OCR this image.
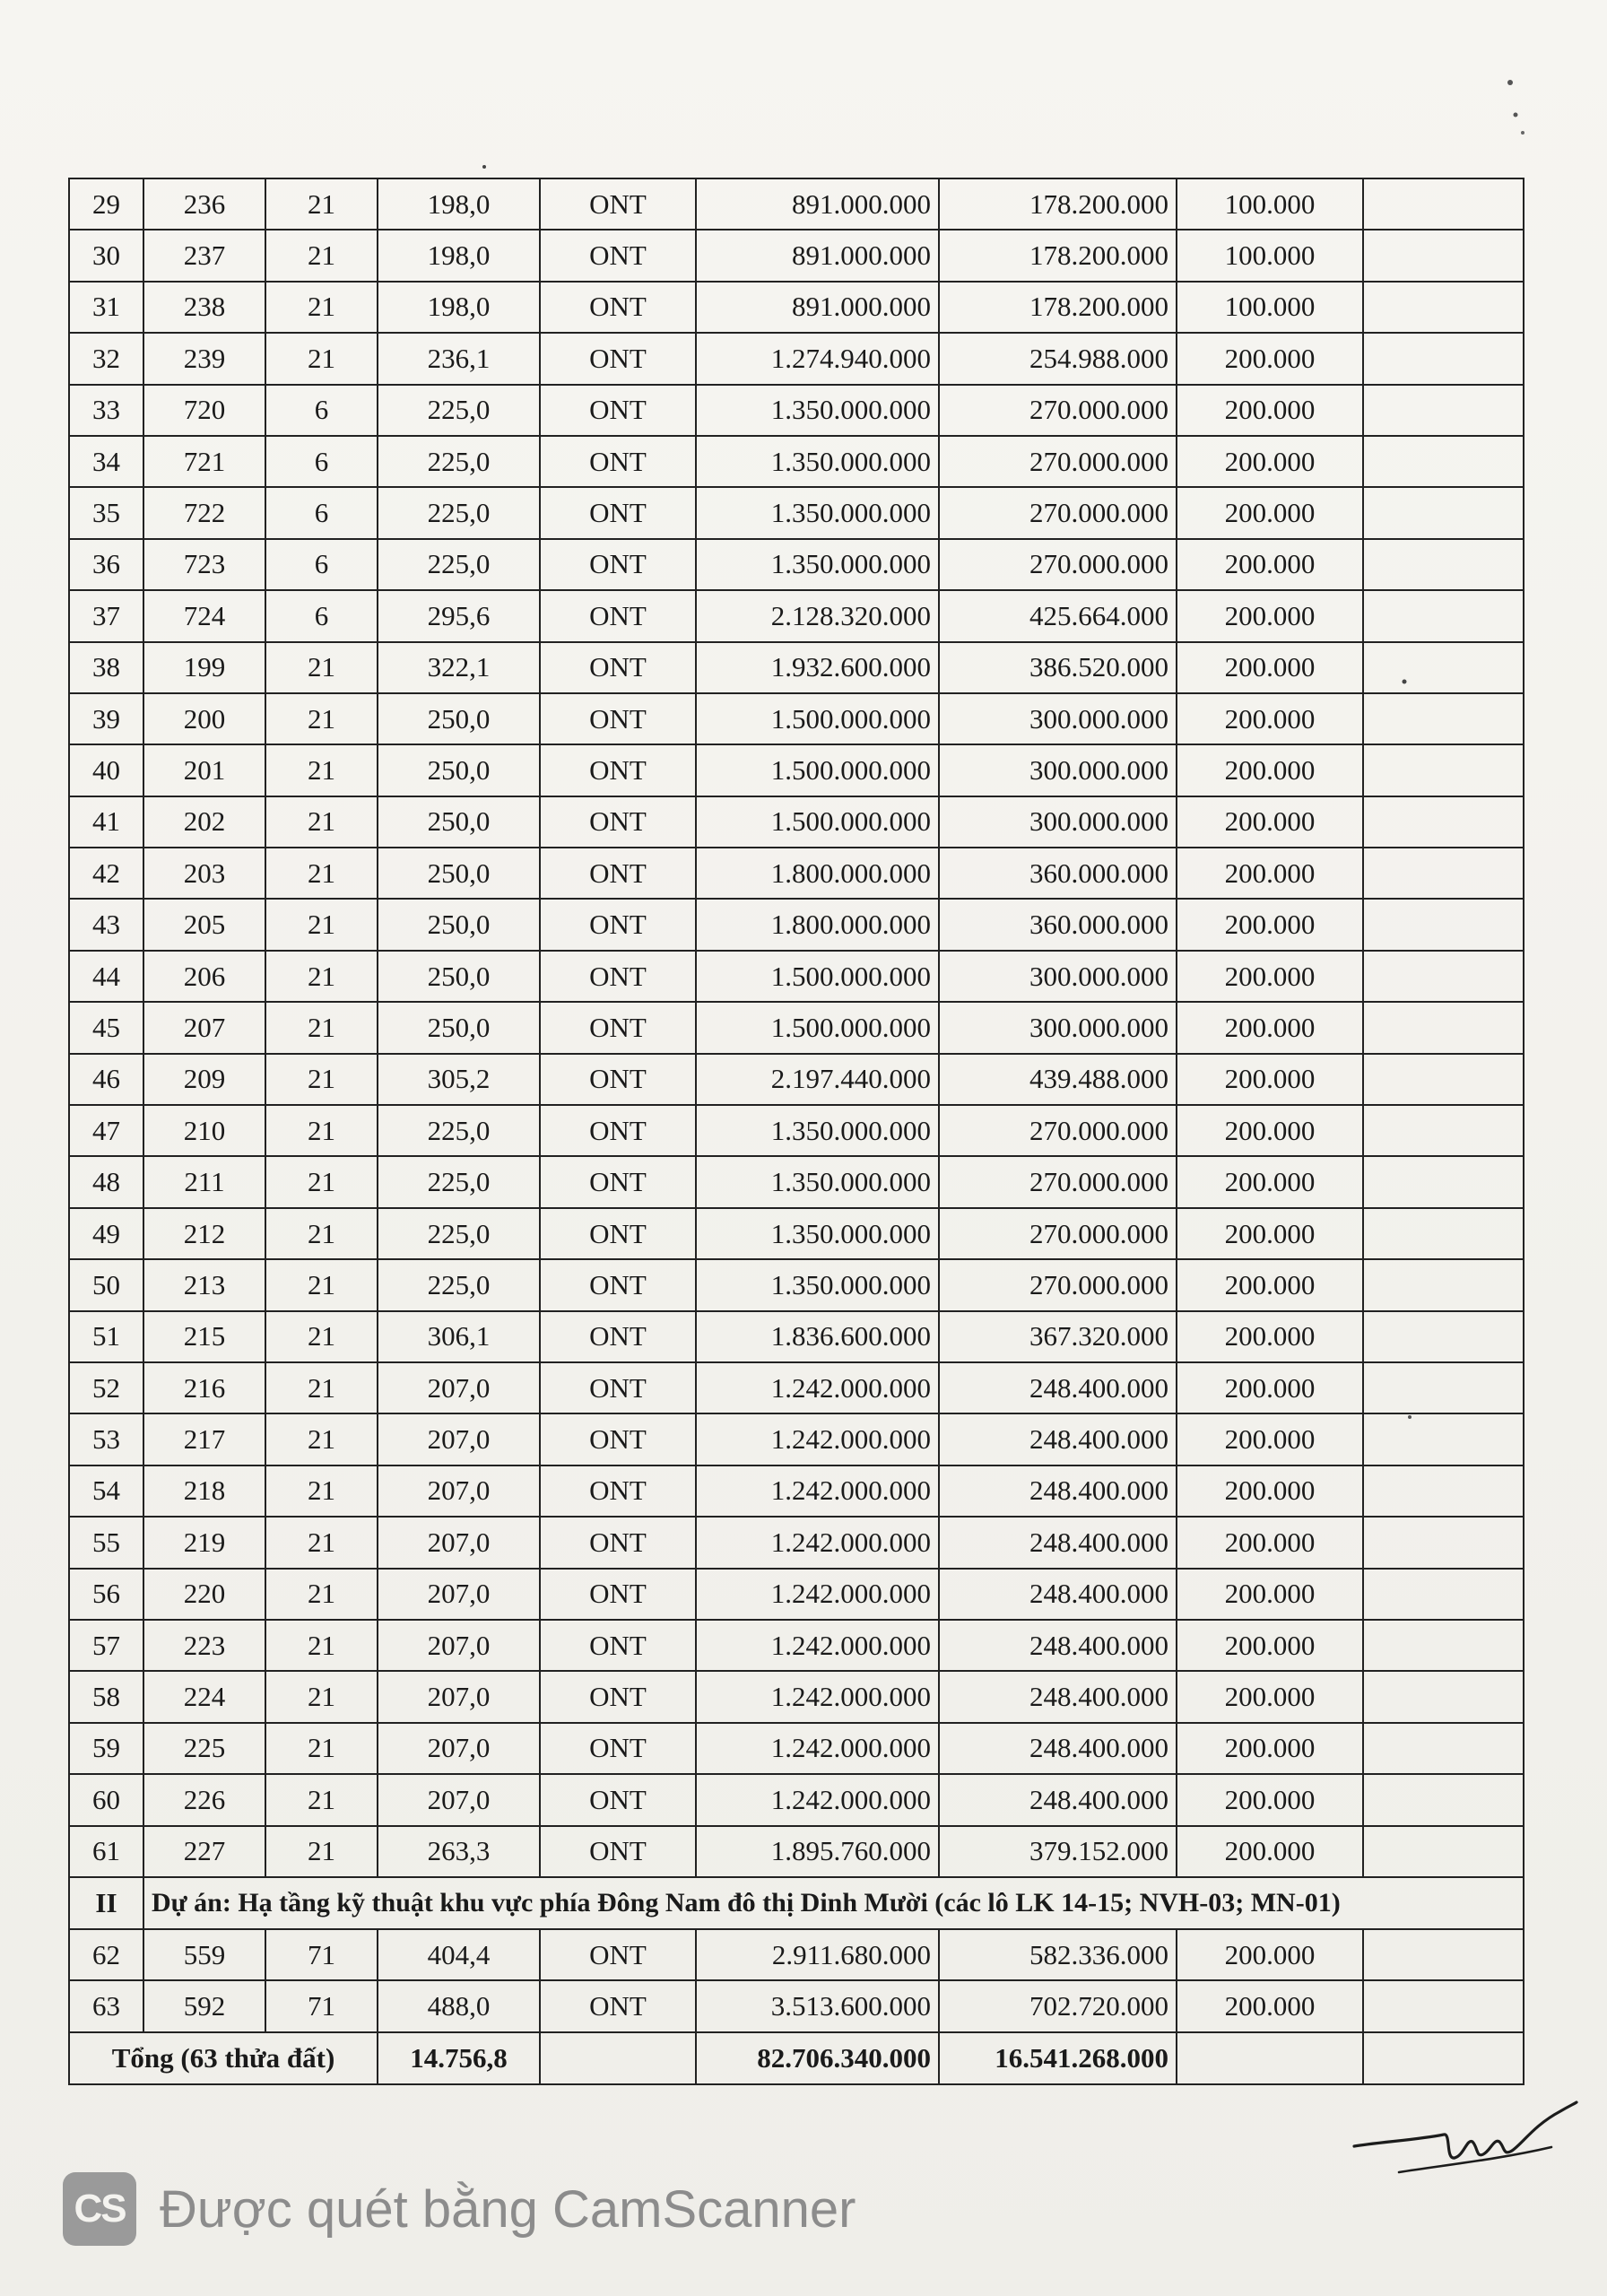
29	236	21	198,0	ONT	891.000.000	178.200.000	100.000	
30	237	21	198,0	ONT	891.000.000	178.200.000	100.000	
31	238	21	198,0	ONT	891.000.000	178.200.000	100.000	
32	239	21	236,1	ONT	1.274.940.000	254.988.000	200.000	
33	720	6	225,0	ONT	1.350.000.000	270.000.000	200.000	
34	721	6	225,0	ONT	1.350.000.000	270.000.000	200.000	
35	722	6	225,0	ONT	1.350.000.000	270.000.000	200.000	
36	723	6	225,0	ONT	1.350.000.000	270.000.000	200.000	
37	724	6	295,6	ONT	2.128.320.000	425.664.000	200.000	
38	199	21	322,1	ONT	1.932.600.000	386.520.000	200.000	
39	200	21	250,0	ONT	1.500.000.000	300.000.000	200.000	
40	201	21	250,0	ONT	1.500.000.000	300.000.000	200.000	
41	202	21	250,0	ONT	1.500.000.000	300.000.000	200.000	
42	203	21	250,0	ONT	1.800.000.000	360.000.000	200.000	
43	205	21	250,0	ONT	1.800.000.000	360.000.000	200.000	
44	206	21	250,0	ONT	1.500.000.000	300.000.000	200.000	
45	207	21	250,0	ONT	1.500.000.000	300.000.000	200.000	
46	209	21	305,2	ONT	2.197.440.000	439.488.000	200.000	
47	210	21	225,0	ONT	1.350.000.000	270.000.000	200.000	
48	211	21	225,0	ONT	1.350.000.000	270.000.000	200.000	
49	212	21	225,0	ONT	1.350.000.000	270.000.000	200.000	
50	213	21	225,0	ONT	1.350.000.000	270.000.000	200.000	
51	215	21	306,1	ONT	1.836.600.000	367.320.000	200.000	
52	216	21	207,0	ONT	1.242.000.000	248.400.000	200.000	
53	217	21	207,0	ONT	1.242.000.000	248.400.000	200.000	
54	218	21	207,0	ONT	1.242.000.000	248.400.000	200.000	
55	219	21	207,0	ONT	1.242.000.000	248.400.000	200.000	
56	220	21	207,0	ONT	1.242.000.000	248.400.000	200.000	
57	223	21	207,0	ONT	1.242.000.000	248.400.000	200.000	
58	224	21	207,0	ONT	1.242.000.000	248.400.000	200.000	
59	225	21	207,0	ONT	1.242.000.000	248.400.000	200.000	
60	226	21	207,0	ONT	1.242.000.000	248.400.000	200.000	
61	227	21	263,3	ONT	1.895.760.000	379.152.000	200.000	
II	Dự án: Hạ tầng kỹ thuật khu vực phía Đông Nam đô thị Dinh Mười (các lô LK 14-15; NVH-03; MN-01)							
62	559	71	404,4	ONT	2.911.680.000	582.336.000	200.000	
63	592	71	488,0	ONT	3.513.600.000	702.720.000	200.000	
Tổng (63 thửa đất)			14.756,8		82.706.340.000	16.541.268.000		
CS Được quét bằng CamScanner
